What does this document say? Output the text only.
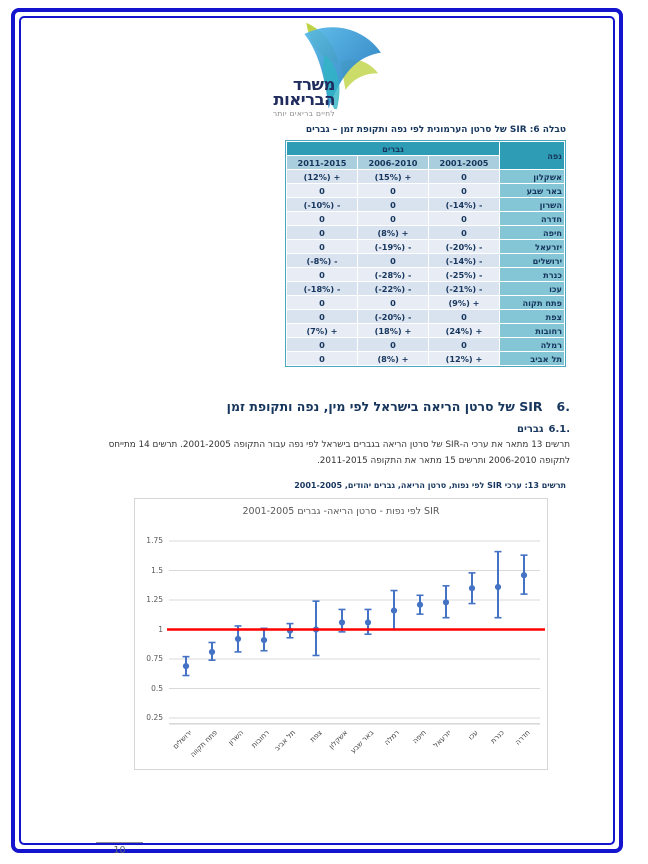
משרד
הבריאות
לחיים בריאים יותר
טבלה 6: SIR של סרטן הערמונית לפי נפה ותקופת זמן – גברים
נפה	גברים		
	2001-2005	2006-2010	2011-2015
אשקלון	0	(15%) +	(12%) +
באר שבע	0	0	0
השרון	(-14%) -	0	(-10%) -
חדרה	0	0	0
חיפה	0	(8%) +	0
יזרעאל	(-20%) -	(-19%) -	0
ירושלים	(-14%) -	0	(-8%) -
כנרת	(-25%) -	(-28%) -	0
עכו	(-21%) -	(-22%) -	(-18%) -
פתח תקוה	(9%) +	0	0
צפת	0	(-20%) -	0
רחובות	(24%) +	(18%) +	(7%) +
רמלה	0	0	0
תל אביב	(12%) +	(8%) +	0
6.
SIR של סרטן הריאה בישראל לפי מין, נפה ותקופת זמן
6.1.
גברים

תרשים 13 מתאר את ערכי ה-SIR של סרטן הריאה בגברים בישראל לפי נפה עבור התקופה 2001-2005. תרשים 14 מתייחס לתקופה 2006-2010 ותרשים 15 מתאר את התקופה 2011-2015.

תרשים 13: ערכי SIR לפי נפות, סרטן הריאה, גברים יהודים, 2001-2005
SIR לפי נפות - סרטן הריאה- גברים 2001-2005
0.25
0.5
0.75
1
1.25
1.5
1.75
ירושלים
פתח תקווה השרון רחובות תל אביב צפת אשקלון באר שבע רמלה חיפה יזרעאל עכו כנרת חדרה
10
